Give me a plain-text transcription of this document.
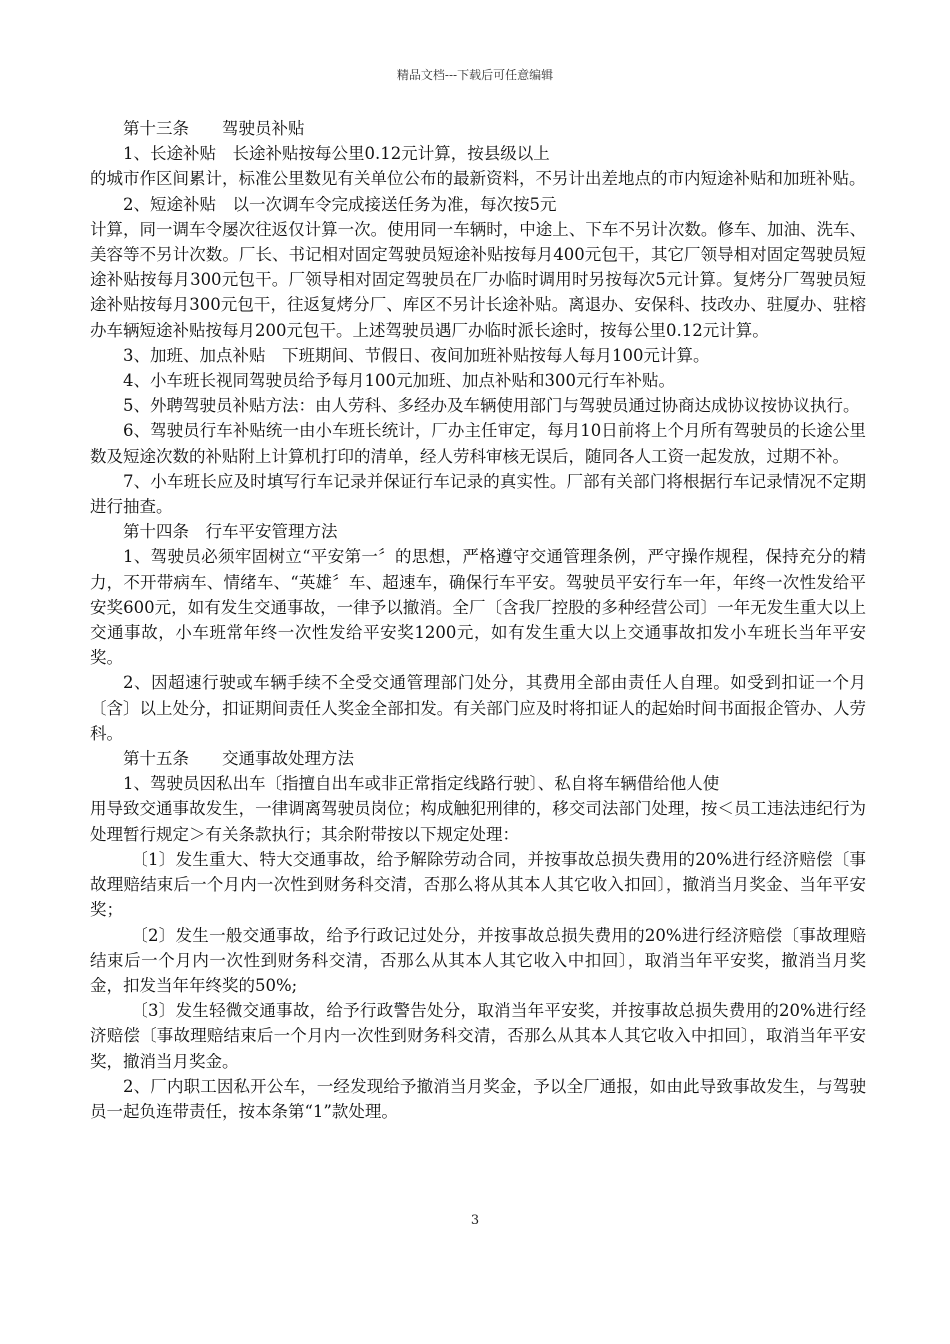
精品文档---下载后可任意编辑

第十三条　　驾驶员补贴

1、长途补贴　长途补贴按每公里0.12元计算，按县级以上

的城市作区间累计，标准公里数见有关单位公布的最新资料，不另计出差地点的市内短途补贴和加班补贴。

2、短途补贴　以一次调车令完成接送任务为准，每次按5元

计算，同一调车令屡次往返仅计算一次。使用同一车辆时，中途上、下车不另计次数。修车、加油、洗车、美容等不另计次数。厂长、书记相对固定驾驶员短途补贴按每月400元包干，其它厂领导相对固定驾驶员短途补贴按每月300元包干。厂领导相对固定驾驶员在厂办临时调用时另按每次5元计算。复烤分厂驾驶员短途补贴按每月300元包干，往返复烤分厂、库区不另计长途补贴。离退办、安保科、技改办、驻厦办、驻榕办车辆短途补贴按每月200元包干。上述驾驶员遇厂办临时派长途时，按每公里0.12元计算。

3、加班、加点补贴　下班期间、节假日、夜间加班补贴按每人每月100元计算。

4、小车班长视同驾驶员给予每月100元加班、加点补贴和300元行车补贴。

5、外聘驾驶员补贴方法：由人劳科、多经办及车辆使用部门与驾驶员通过协商达成协议按协议执行。

6、驾驶员行车补贴统一由小车班长统计，厂办主任审定，每月10日前将上个月所有驾驶员的长途公里数及短途次数的补贴附上计算机打印的清单，经人劳科审核无误后，随同各人工资一起发放，过期不补。

7、小车班长应及时填写行车记录并保证行车记录的真实性。厂部有关部门将根据行车记录情况不定期进行抽查。

第十四条　行车平安管理方法

1、驾驶员必须牢固树立“平安第一〞的思想，严格遵守交通管理条例，严守操作规程，保持充分的精力，不开带病车、情绪车、“英雄〞车、超速车，确保行车平安。驾驶员平安行车一年，年终一次性发给平安奖600元，如有发生交通事故，一律予以撤消。全厂〔含我厂控股的多种经营公司〕一年无发生重大以上交通事故，小车班常年终一次性发给平安奖1200元，如有发生重大以上交通事故扣发小车班长当年平安奖。

2、因超速行驶或车辆手续不全受交通管理部门处分，其费用全部由责任人自理。如受到扣证一个月〔含〕以上处分，扣证期间责任人奖金全部扣发。有关部门应及时将扣证人的起始时间书面报企管办、人劳科。

第十五条　　交通事故处理方法

1、驾驶员因私出车〔指擅自出车或非正常指定线路行驶〕、私自将车辆借给他人使

用导致交通事故发生，一律调离驾驶员岗位；构成触犯刑律的，移交司法部门处理，按＜员工违法违纪行为处理暂行规定＞有关条款执行；其余附带按以下规定处理：

〔1〕发生重大、特大交通事故，给予解除劳动合同，并按事故总损失费用的20%进行经济赔偿〔事故理赔结束后一个月内一次性到财务科交清，否那么将从其本人其它收入扣回〕，撤消当月奖金、当年平安奖；

〔2〕发生一般交通事故，给予行政记过处分，并按事故总损失费用的20%进行经济赔偿〔事故理赔结束后一个月内一次性到财务科交清，否那么从其本人其它收入中扣回〕，取消当年平安奖，撤消当月奖金，扣发当年年终奖的50%;

〔3〕发生轻微交通事故，给予行政警告处分，取消当年平安奖，并按事故总损失费用的20%进行经济赔偿〔事故理赔结束后一个月内一次性到财务科交清，否那么从其本人其它收入中扣回〕，取消当年平安奖，撤消当月奖金。

2、厂内职工因私开公车，一经发现给予撤消当月奖金，予以全厂通报，如由此导致事故发生，与驾驶员一起负连带责任，按本条第“1”款处理。

3
